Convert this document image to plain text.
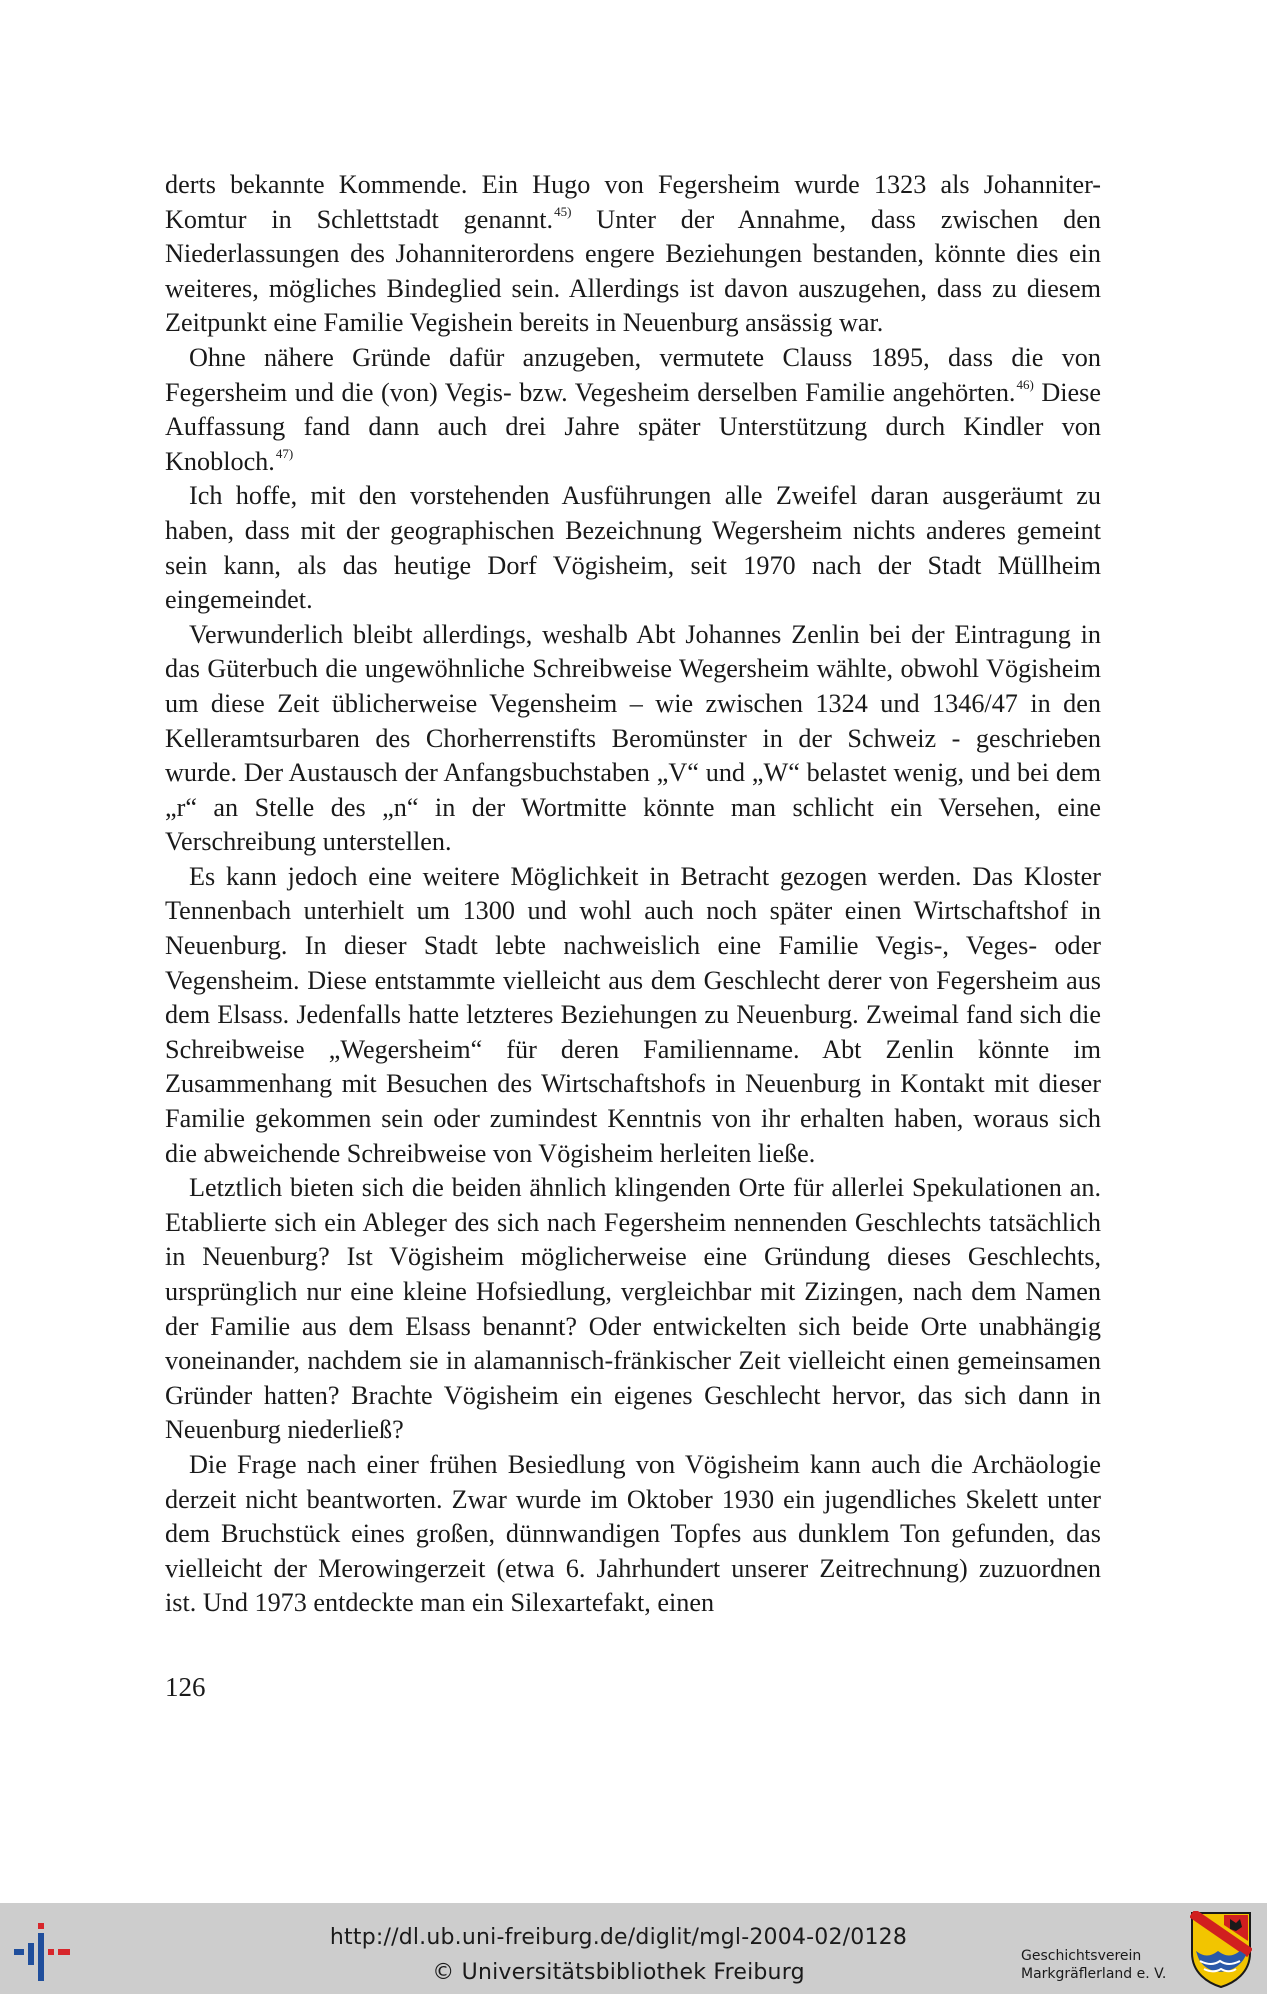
derts bekannte Kommende. Ein Hugo von Fegersheim wurde 1323 als Johanniter-Komtur in Schlettstadt genannt.$^{45)}$ Unter der Annahme, dass zwischen den Niederlassungen des Johanniterordens engere Beziehungen bestanden, könnte dies ein weiteres, mögliches Bindeglied sein. Allerdings ist davon auszugehen, dass zu diesem Zeitpunkt eine Familie Vegishein bereits in Neuenburg ansässig war.

Ohne nähere Gründe dafür anzugeben, vermutete Clauss 1895, dass die von Fegersheim und die (von) Vegis- bzw. Vegesheim derselben Familie angehörten.$^{46)}$ Diese Auffassung fand dann auch drei Jahre später Unterstützung durch Kindler von Knobloch.$^{47)}$

Ich hoffe, mit den vorstehenden Ausführungen alle Zweifel daran ausgeräumt zu haben, dass mit der geographischen Bezeichnung Wegersheim nichts anderes gemeint sein kann, als das heutige Dorf Vögisheim, seit 1970 nach der Stadt Müllheim eingemeindet.

Verwunderlich bleibt allerdings, weshalb Abt Johannes Zenlin bei der Eintragung in das Güterbuch die ungewöhnliche Schreibweise Wegersheim wählte, obwohl Vögisheim um diese Zeit üblicherweise Vegensheim – wie zwischen 1324 und 1346/47 in den Kelleramtsurbaren des Chorherrenstifts Beromünster in der Schweiz - geschrieben wurde. Der Austausch der Anfangsbuchstaben „V“ und „W“ belastet wenig, und bei dem „r“ an Stelle des „n“ in der Wortmitte könnte man schlicht ein Versehen, eine Verschreibung unterstellen.

Es kann jedoch eine weitere Möglichkeit in Betracht gezogen werden. Das Kloster Tennenbach unterhielt um 1300 und wohl auch noch später einen Wirtschaftshof in Neuenburg. In dieser Stadt lebte nachweislich eine Familie Vegis-, Veges- oder Vegensheim. Diese entstammte vielleicht aus dem Geschlecht derer von Fegersheim aus dem Elsass. Jedenfalls hatte letzteres Beziehungen zu Neuenburg. Zweimal fand sich die Schreibweise „Wegersheim“ für deren Familienname. Abt Zenlin könnte im Zusammenhang mit Besuchen des Wirtschaftshofs in Neuenburg in Kontakt mit dieser Familie gekommen sein oder zumindest Kenntnis von ihr erhalten haben, woraus sich die abweichende Schreibweise von Vögisheim herleiten ließe.

Letztlich bieten sich die beiden ähnlich klingenden Orte für allerlei Spekulationen an. Etablierte sich ein Ableger des sich nach Fegersheim nennenden Geschlechts tatsächlich in Neuenburg? Ist Vögisheim möglicherweise eine Gründung dieses Geschlechts, ursprünglich nur eine kleine Hofsiedlung, vergleichbar mit Zizingen, nach dem Namen der Familie aus dem Elsass benannt? Oder entwickelten sich beide Orte unabhängig voneinander, nachdem sie in alamannisch-fränkischer Zeit vielleicht einen gemeinsamen Gründer hatten? Brachte Vögisheim ein eigenes Geschlecht hervor, das sich dann in Neuenburg niederließ?

Die Frage nach einer frühen Besiedlung von Vögisheim kann auch die Archäologie derzeit nicht beantworten. Zwar wurde im Oktober 1930 ein jugendliches Skelett unter dem Bruchstück eines großen, dünnwandigen Topfes aus dunklem Ton gefunden, das vielleicht der Merowingerzeit (etwa 6. Jahrhundert unserer Zeitrechnung) zuzuordnen ist. Und 1973 entdeckte man ein Silexartefakt, einen

126
http://dl.ub.uni-freiburg.de/diglit/mgl-2004-02/0128
© Universitätsbibliothek Freiburg
Geschichtsverein
Markgräflerland e. V.
